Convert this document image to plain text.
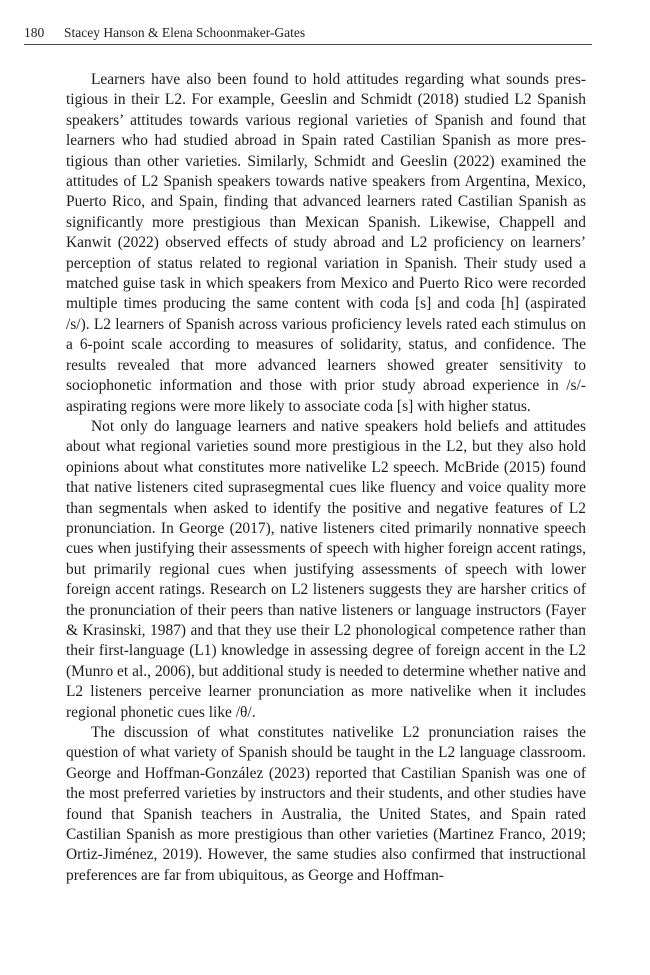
180 Stacey Hanson & Elena Schoonmaker-Gates

Learners have also been found to hold attitudes regarding what sounds prestigious in their L2. For example, Geeslin and Schmidt (2018) studied L2 Spanish speakers’ attitudes towards various regional varieties of Spanish and found that learners who had studied abroad in Spain rated Castilian Spanish as more prestigious than other varieties. Similarly, Schmidt and Geeslin (2022) examined the attitudes of L2 Spanish speakers towards native speakers from Argentina, Mexico, Puerto Rico, and Spain, finding that advanced learners rated Castilian Spanish as significantly more prestigious than Mexican Spanish. Likewise, Chappell and Kanwit (2022) observed effects of study abroad and L2 proficiency on learners’ perception of status related to regional variation in Spanish. Their study used a matched guise task in which speakers from Mexico and Puerto Rico were recorded multiple times producing the same content with coda [s] and coda [h] (aspirated /s/). L2 learners of Spanish across various proficiency levels rated each stimulus on a 6-point scale according to measures of solidarity, status, and confidence. The results revealed that more advanced learners showed greater sensitivity to sociophonetic information and those with prior study abroad experience in /s/-aspirating regions were more likely to associate coda [s] with higher status.

Not only do language learners and native speakers hold beliefs and attitudes about what regional varieties sound more prestigious in the L2, but they also hold opinions about what constitutes more nativelike L2 speech. McBride (2015) found that native listeners cited suprasegmental cues like fluency and voice quality more than segmentals when asked to identify the positive and negative features of L2 pronunciation. In George (2017), native listeners cited primarily nonnative speech cues when justifying their assessments of speech with higher foreign accent ratings, but primarily regional cues when justifying assessments of speech with lower foreign accent ratings. Research on L2 listeners suggests they are harsher critics of the pronunciation of their peers than native listeners or language instructors (Fayer & Krasinski, 1987) and that they use their L2 phonological competence rather than their first-language (L1) knowledge in assessing degree of foreign accent in the L2 (Munro et al., 2006), but additional study is needed to determine whether native and L2 listeners perceive learner pronunciation as more nativelike when it includes regional phonetic cues like /θ/.

The discussion of what constitutes nativelike L2 pronunciation raises the question of what variety of Spanish should be taught in the L2 language classroom. George and Hoffman-González (2023) reported that Castilian Spanish was one of the most preferred varieties by instructors and their students, and other studies have found that Spanish teachers in Australia, the United States, and Spain rated Castilian Spanish as more prestigious than other varieties (Martinez Franco, 2019; Ortiz-Jiménez, 2019). However, the same studies also confirmed that instructional preferences are far from ubiquitous, as George and Hoffman-
